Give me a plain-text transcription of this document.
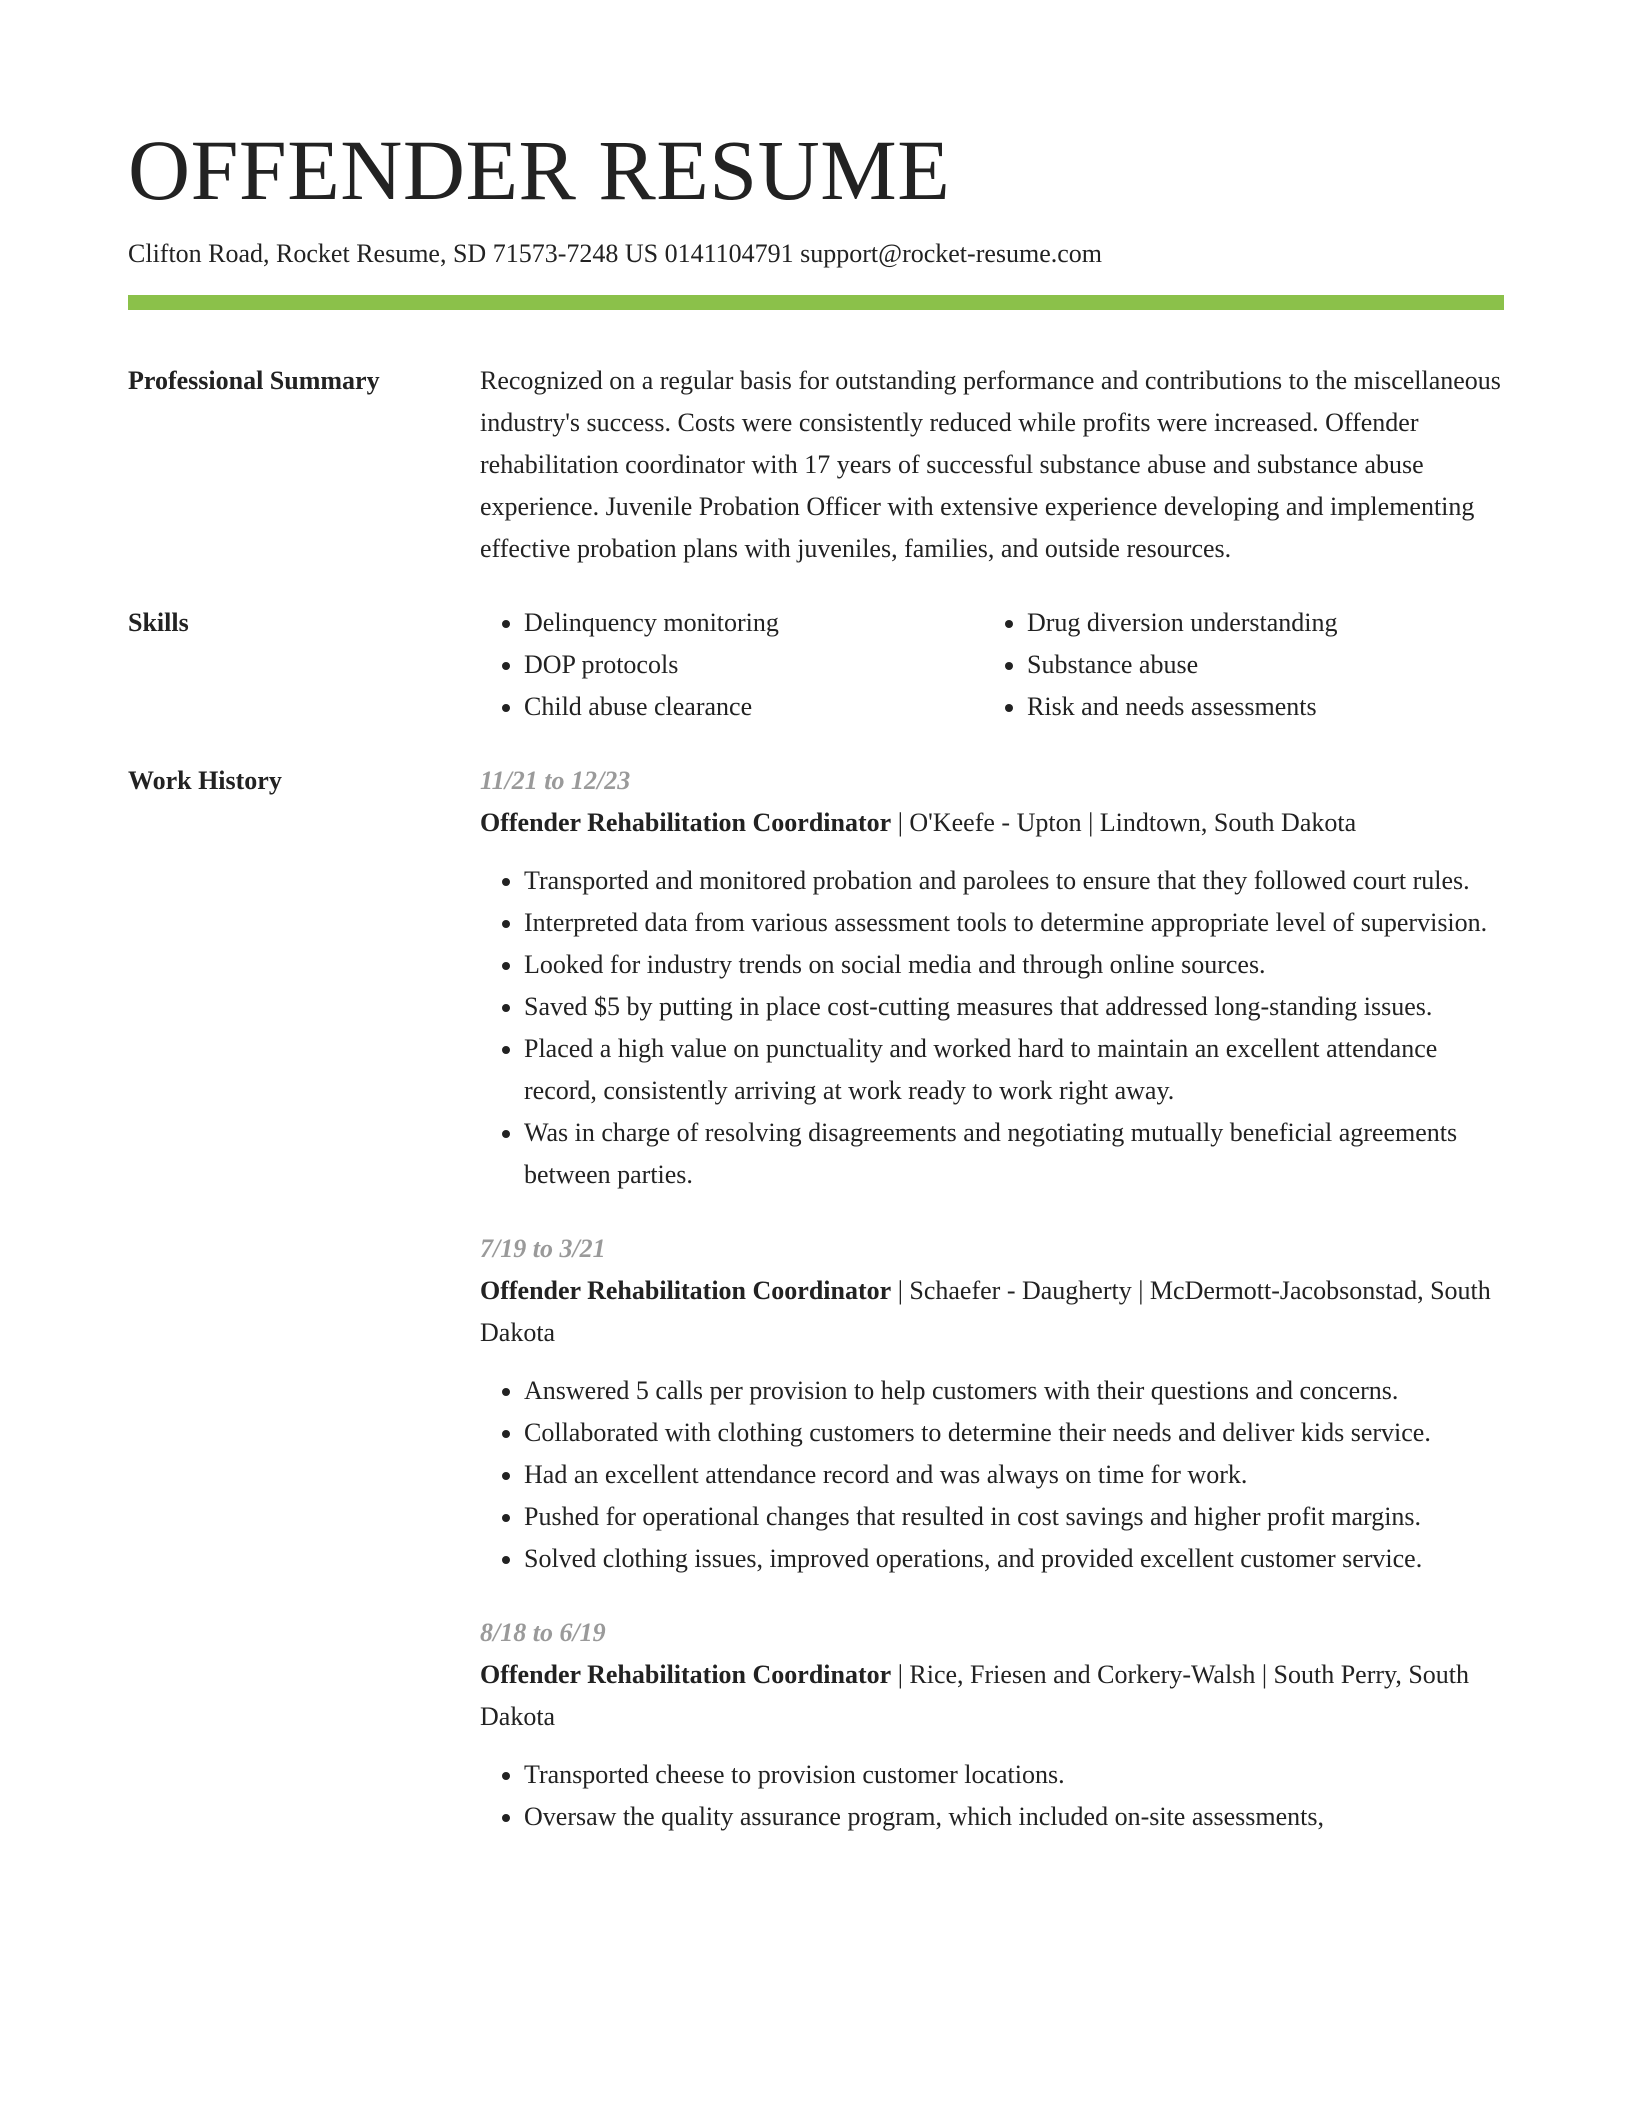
OFFENDER RESUME
Clifton Road, Rocket Resume, SD 71573-7248 US 0141104791 support@rocket-resume.com
Professional Summary	Recognized on a regular basis for outstanding performance and contributions to the miscellaneous industry's success. Costs were consistently reduced while profits were increased. Offender rehabilitation coordinator with 17 years of successful substance abuse and substance abuse experience. Juvenile Probation Officer with extensive experience developing and implementing effective probation plans with juveniles, families, and outside resources.

Skills
•	Delinquency monitoring
• DOP protocols
• Child abuse clearance
• Drug diversion understanding
• Substance abuse
• Risk and needs assessments
Work History	11/21 to 12/23
Offender Rehabilitation Coordinator | O'Keefe - Upton | Lindtown, South Dakota
• Transported and monitored probation and parolees to ensure that they followed court rules.
• Interpreted data from various assessment tools to determine appropriate level of supervision.
• Looked for industry trends on social media and through online sources.
• Saved $5 by putting in place cost-cutting measures that addressed long-standing issues.
• Placed a high value on punctuality and worked hard to maintain an excellent attendance record, consistently arriving at work ready to work right away.
• Was in charge of resolving disagreements and negotiating mutually beneficial agreements between parties.
7/19 to 3/21
Offender Rehabilitation Coordinator | Schaefer - Daugherty | McDermott-Jacobsonstad, South Dakota
• Answered 5 calls per provision to help customers with their questions and concerns.
• Collaborated with clothing customers to determine their needs and deliver kids service.
• Had an excellent attendance record and was always on time for work.
• Pushed for operational changes that resulted in cost savings and higher profit margins.
• Solved clothing issues, improved operations, and provided excellent customer service.
8/18 to 6/19
Offender Rehabilitation Coordinator | Rice, Friesen and Corkery-Walsh | South Perry, South Dakota
• Transported cheese to provision customer locations.
• Oversaw the quality assurance program, which included on-site assessments,
